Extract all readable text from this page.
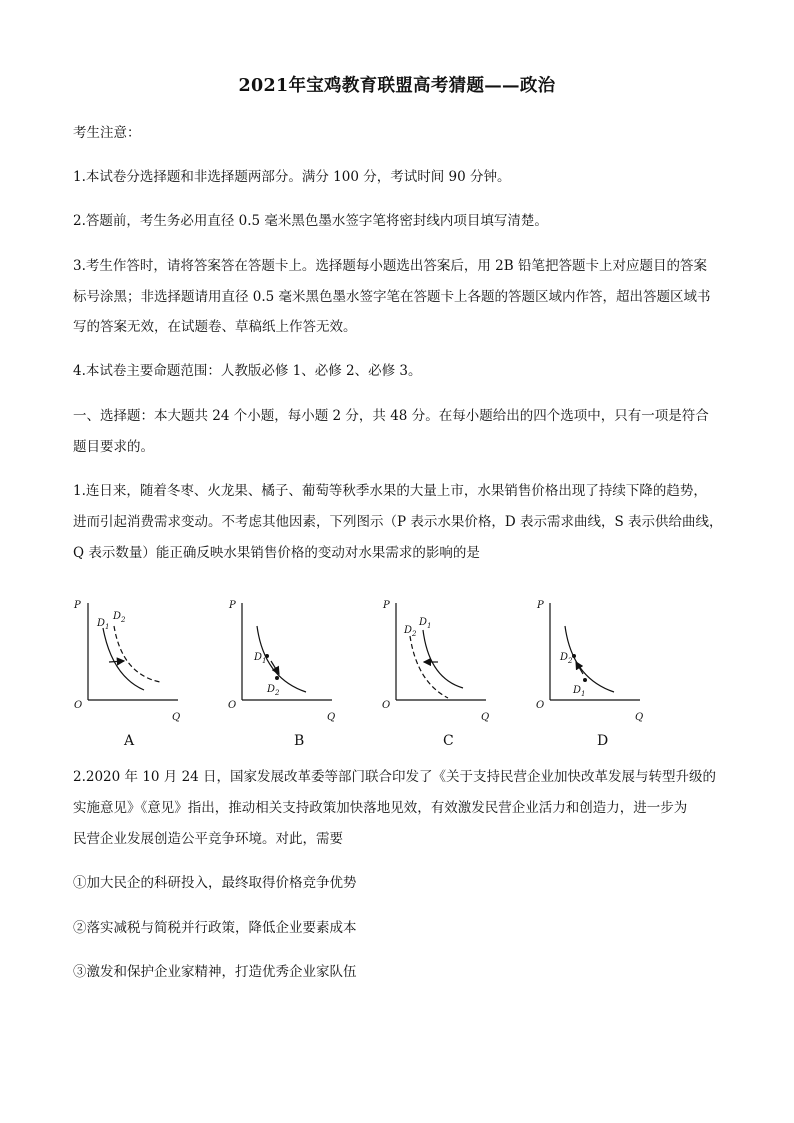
2021年宝鸡教育联盟高考猜题——政治
考生注意：
1.本试卷分选择题和非选择题两部分。满分 100 分，考试时间 90 分钟。
2.答题前，考生务必用直径 0.5 毫米黑色墨水签字笔将密封线内项目填写清楚。
3.考生作答时，请将答案答在答题卡上。选择题每小题选出答案后，用 2B 铅笔把答题卡上对应题目的答案
标号涂黑；非选择题请用直径 0.5 毫米黑色墨水签字笔在答题卡上各题的答题区域内作答，超出答题区域书
写的答案无效，在试题卷、草稿纸上作答无效。
4.本试卷主要命题范围：人教版必修 1、必修 2、必修 3。
一、选择题：本大题共 24 个小题，每小题 2 分，共 48 分。在每小题给出的四个选项中，只有一项是符合
题目要求的。
1.连日来，随着冬枣、火龙果、橘子、葡萄等秋季水果的大量上市，水果销售价格出现了持续下降的趋势，
进而引起消费需求变动。不考虑其他因素，下列图示（P 表示水果价格，D 表示需求曲线，S 表示供给曲线，
Q 表示数量）能正确反映水果销售价格的变动对水果需求的影响的是
P
Q
O
$D_1$
$D_2$
A
P
Q
O
$D_1$
$D_2$
B
P
Q
O
$D_1$
$D_2$
C
P
Q
O
$D_2$
$D_1$
D
2.2020 年 10 月 24 日，国家发展改革委等部门联合印发了《关于支持民营企业加快改革发展与转型升级的
实施意见》《意见》指出，推动相关支持政策加快落地见效，有效激发民营企业活力和创造力，进一步为
民营企业发展创造公平竞争环境。对此，需要
①加大民企的科研投入，最终取得价格竞争优势
②落实减税与简税并行政策，降低企业要素成本
③激发和保护企业家精神，打造优秀企业家队伍
